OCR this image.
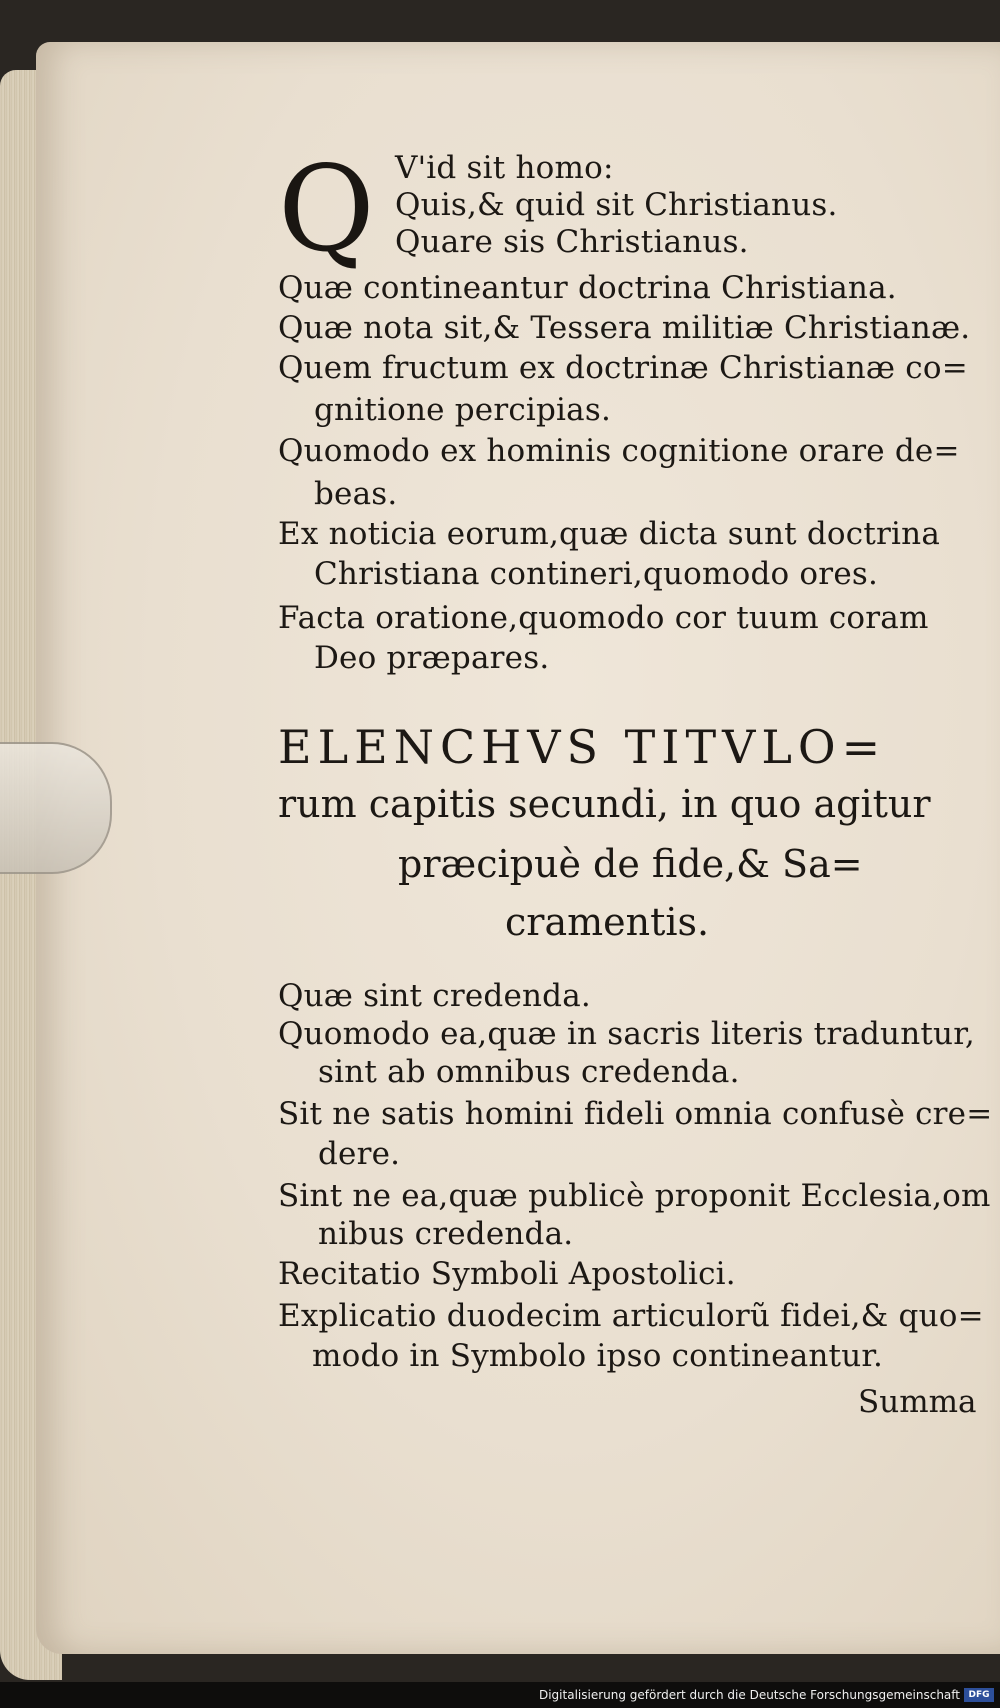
Q V'id sit homo:
Quis,& quid sit Christianus.
Quare sis Christianus.
Quæ contineantur doctrina Christiana.
Quæ nota sit,& Tessera militiæ Christianæ.
Quem fructum ex doctrinæ Christianæ co=
gnitione percipias.
Quomodo ex hominis cognitione orare de=
beas.
Ex noticia eorum,quæ dicta sunt doctrina
Christiana contineri,quomodo ores.
Facta oratione,quomodo cor tuum coram
Deo præpares.
ELENCHVS TITVLO=
rum capitis secundi, in quo agitur
præcipuè de fide,& Sa=
cramentis.
Quæ sint credenda.
Quomodo ea,quæ in sacris literis traduntur,
sint ab omnibus credenda.
Sit ne satis homini fideli omnia confusè cre=
dere.
Sint ne ea,quæ publicè proponit Ecclesia,om
nibus credenda.
Recitatio Symboli Apostolici.
Explicatio duodecim articulorũ fidei,& quo=
modo in Symbolo ipso contineantur.
Summa
Digitalisierung gefördert durch die Deutsche Forschungsgemeinschaft DFG
